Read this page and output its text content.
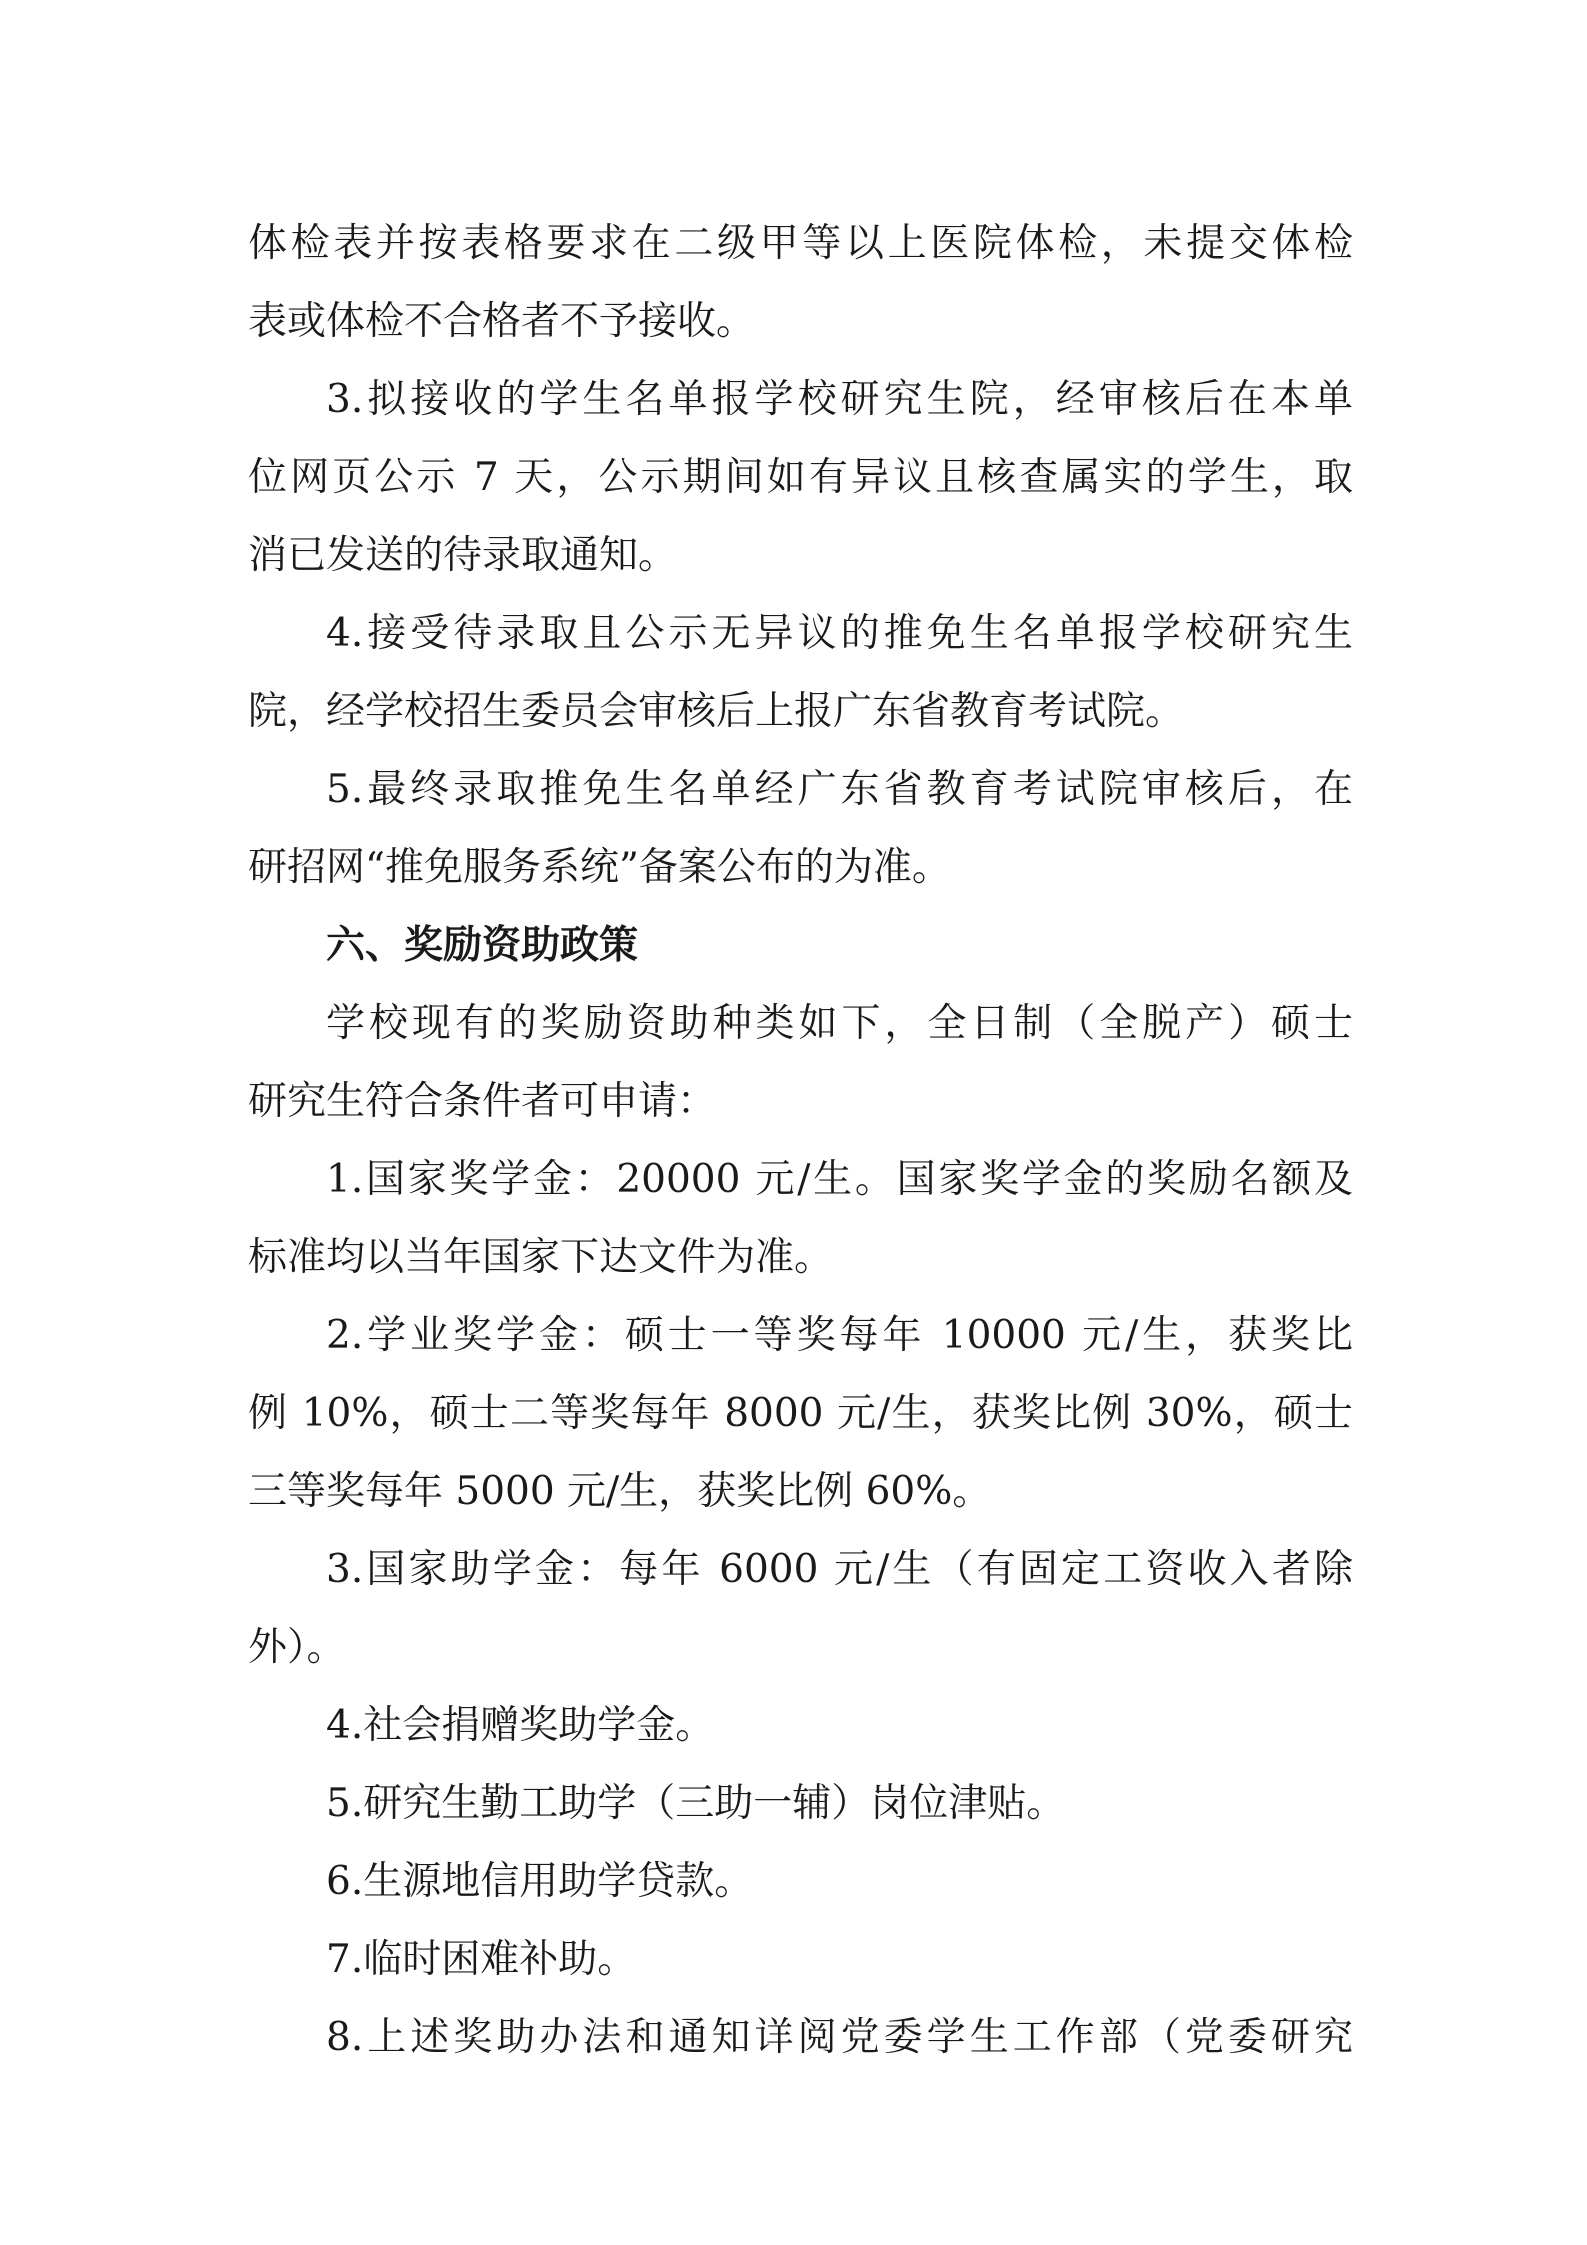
体检表并按表格要求在二级甲等以上医院体检，未提交体检
表或体检不合格者不予接收。
3.拟接收的学生名单报学校研究生院，经审核后在本单
位网页公示 7 天，公示期间如有异议且核查属实的学生，取
消已发送的待录取通知。
4.接受待录取且公示无异议的推免生名单报学校研究生
院，经学校招生委员会审核后上报广东省教育考试院。
5.最终录取推免生名单经广东省教育考试院审核后，在
研招网“推免服务系统”备案公布的为准。
六、奖励资助政策
学校现有的奖励资助种类如下，全日制（全脱产）硕士
研究生符合条件者可申请：
1.国家奖学金：20000 元/生。国家奖学金的奖励名额及
标准均以当年国家下达文件为准。
2.学业奖学金：硕士一等奖每年 10000 元/生，获奖比
例 10%，硕士二等奖每年 8000 元/生，获奖比例 30%，硕士
三等奖每年 5000 元/生，获奖比例 60%。
3.国家助学金：每年 6000 元/生（有固定工资收入者除
外）。
4.社会捐赠奖助学金。
5.研究生勤工助学（三助一辅）岗位津贴。
6.生源地信用助学贷款。
7.临时困难补助。
8.上述奖助办法和通知详阅党委学生工作部（党委研究
